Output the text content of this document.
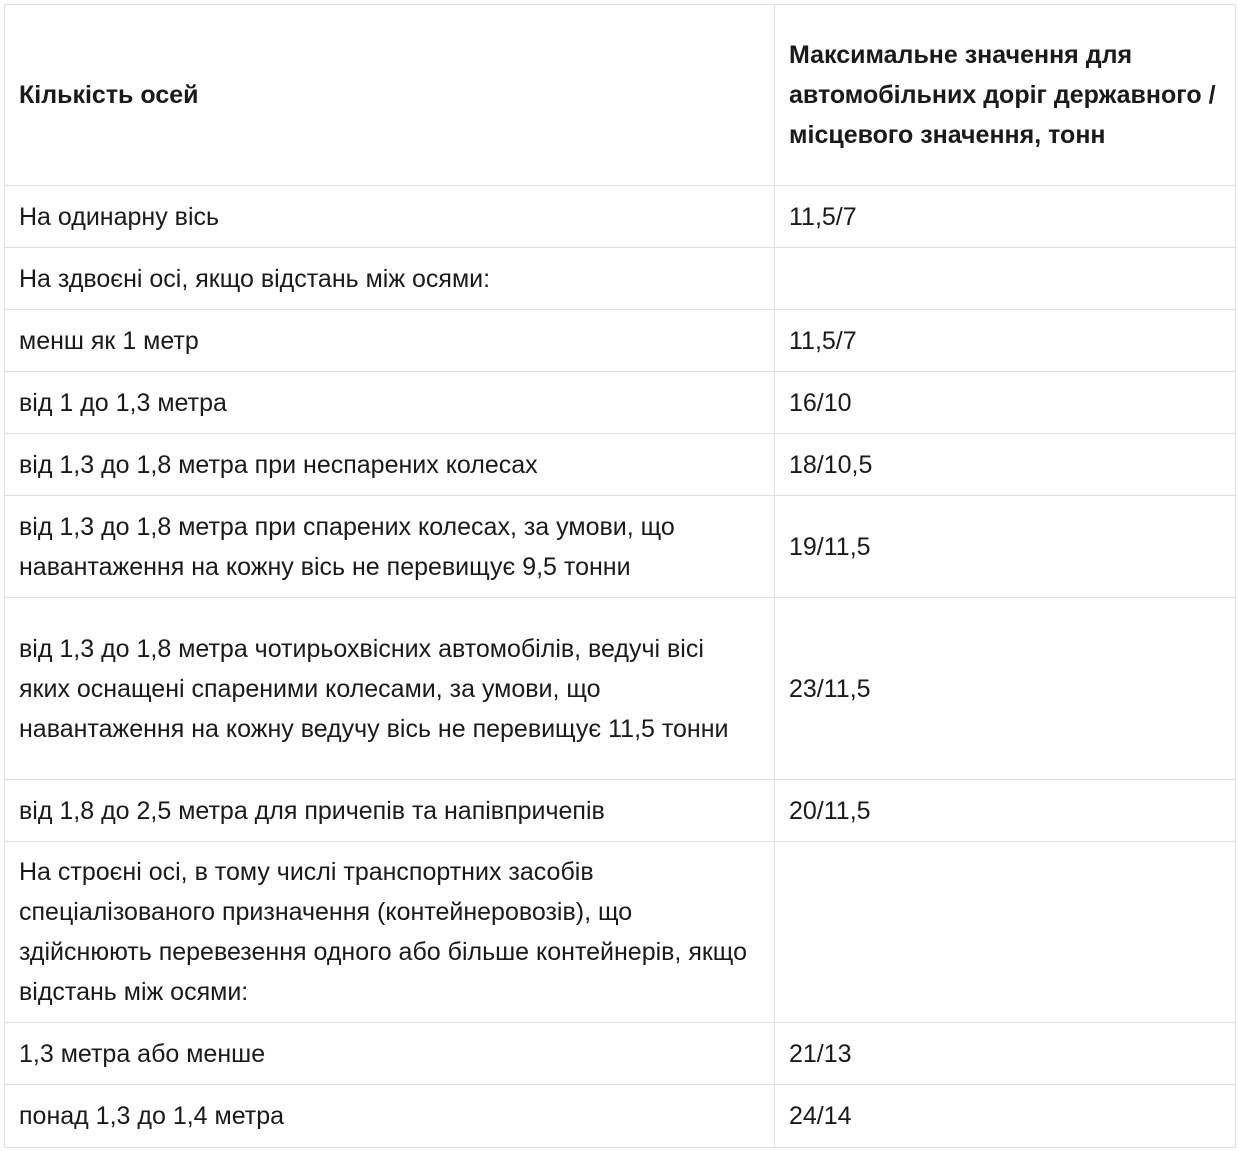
Кількість осей	Максимальне значення для автомобільних доріг державного / місцевого значення, тонн
На одинарну вісь	11,5/7
На здвоєні осі, якщо відстань між осями:	
менш як 1 метр	11,5/7
від 1 до 1,3 метра	16/10
від 1,3 до 1,8 метра при неспарених колесах	18/10,5
від 1,3 до 1,8 метра при спарених колесах, за умови, що навантаження на кожну вісь не перевищує 9,5 тонни	19/11,5
від 1,3 до 1,8 метра чотирьохвісних автомобілів, ведучі вісі яких оснащені спареними колесами, за умови, що навантаження на кожну ведучу вісь не перевищує 11,5 тонни	23/11,5
від 1,8 до 2,5 метра для причепів та напівпричепів	20/11,5
На строєні осі, в тому числі транспортних засобів спеціалізованого призначення (контейнеровозів), що здійснюють перевезення одного або більше контейнерів, якщо відстань між осями:	
1,3 метра або менше	21/13
понад 1,3 до 1,4 метра	24/14
